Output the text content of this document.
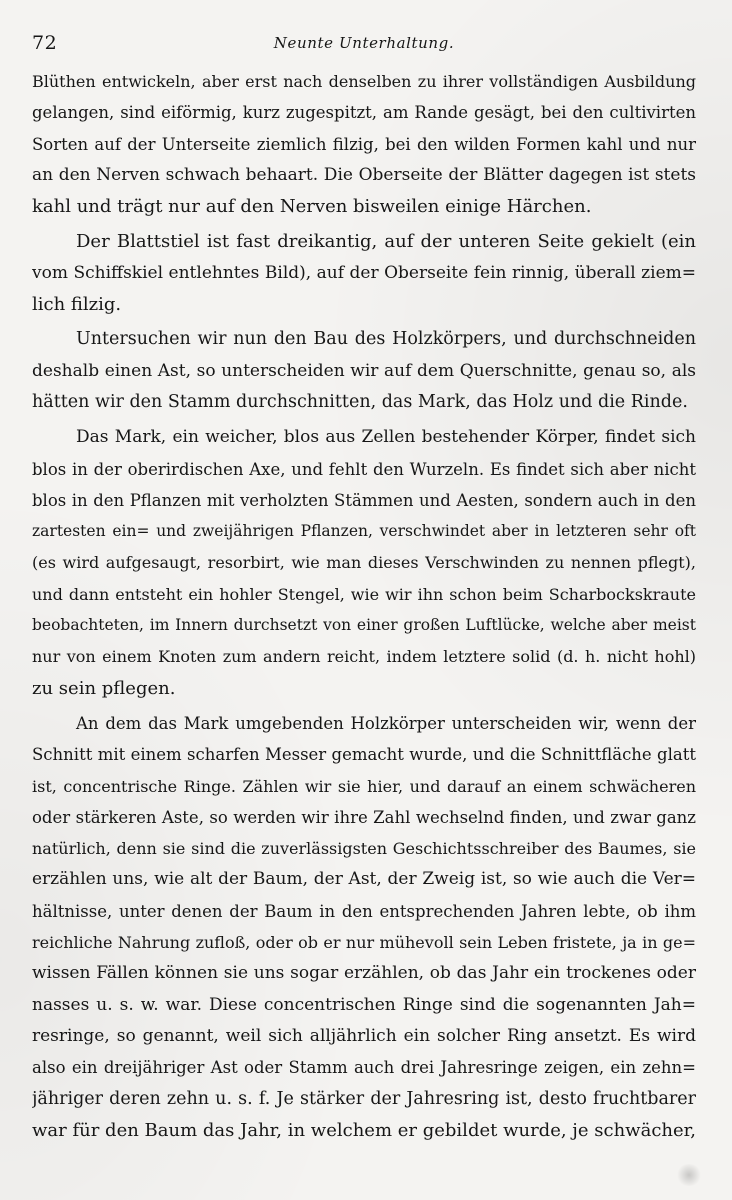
72	Neunte Unterhaltung.
Blüthen entwickeln, aber erst nach denselben zu ihrer vollständigen Ausbildung
gelangen, sind eiförmig, kurz zugespitzt, am Rande gesägt, bei den cultivirten
Sorten auf der Unterseite ziemlich filzig, bei den wilden Formen kahl und nur
an den Nerven schwach behaart. Die Oberseite der Blätter dagegen ist stets
kahl und trägt nur auf den Nerven bisweilen einige Härchen.
Der Blattstiel ist fast dreikantig, auf der unteren Seite gekielt (ein
vom Schiffskiel entlehntes Bild), auf der Oberseite fein rinnig, überall ziem=
lich filzig.
Untersuchen wir nun den Bau des Holzkörpers, und durchschneiden
deshalb einen Ast, so unterscheiden wir auf dem Querschnitte, genau so, als
hätten wir den Stamm durchschnitten, das Mark, das Holz und die Rinde.
Das Mark, ein weicher, blos aus Zellen bestehender Körper, findet sich
blos in der oberirdischen Axe, und fehlt den Wurzeln. Es findet sich aber nicht
blos in den Pflanzen mit verholzten Stämmen und Aesten, sondern auch in den
zartesten ein= und zweijährigen Pflanzen, verschwindet aber in letzteren sehr oft
(es wird aufgesaugt, resorbirt, wie man dieses Verschwinden zu nennen pflegt),
und dann entsteht ein hohler Stengel, wie wir ihn schon beim Scharbockskraute
beobachteten, im Innern durchsetzt von einer großen Luftlücke, welche aber meist
nur von einem Knoten zum andern reicht, indem letztere solid (d. h. nicht hohl)
zu sein pflegen.
An dem das Mark umgebenden Holzkörper unterscheiden wir, wenn der
Schnitt mit einem scharfen Messer gemacht wurde, und die Schnittfläche glatt
ist, concentrische Ringe. Zählen wir sie hier, und darauf an einem schwächeren
oder stärkeren Aste, so werden wir ihre Zahl wechselnd finden, und zwar ganz
natürlich, denn sie sind die zuverlässigsten Geschichtsschreiber des Baumes, sie
erzählen uns, wie alt der Baum, der Ast, der Zweig ist, so wie auch die Ver=
hältnisse, unter denen der Baum in den entsprechenden Jahren lebte, ob ihm
reichliche Nahrung zufloß, oder ob er nur mühevoll sein Leben fristete, ja in ge=
wissen Fällen können sie uns sogar erzählen, ob das Jahr ein trockenes oder
nasses u. s. w. war. Diese concentrischen Ringe sind die sogenannten Jah=
resringe, so genannt, weil sich alljährlich ein solcher Ring ansetzt. Es wird
also ein dreijähriger Ast oder Stamm auch drei Jahresringe zeigen, ein zehn=
jähriger deren zehn u. s. f. Je stärker der Jahresring ist, desto fruchtbarer
war für den Baum das Jahr, in welchem er gebildet wurde, je schwächer,
